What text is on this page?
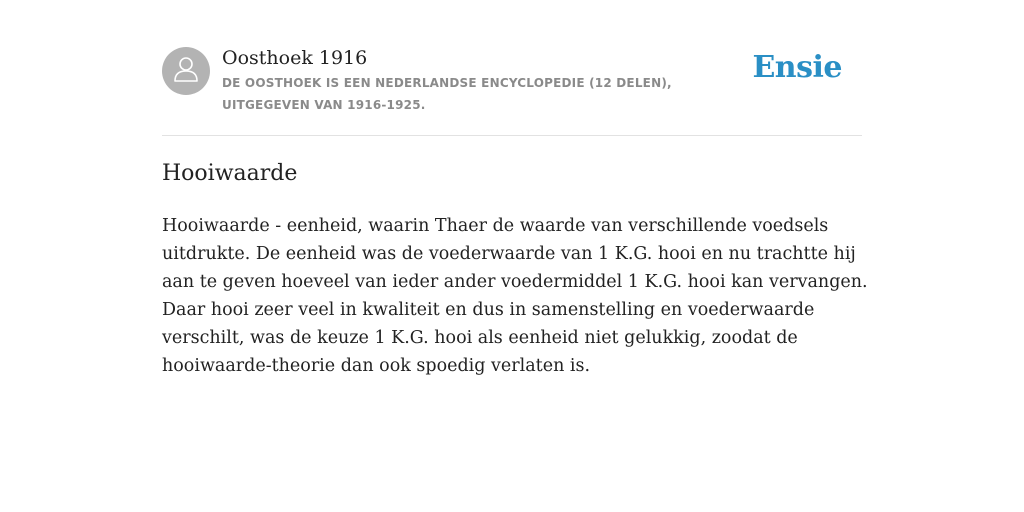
Oosthoek 1916
DE OOSTHOEK IS EEN NEDERLANDSE ENCYCLOPEDIE (12 DELEN), UITGEGEVEN VAN 1916-1925.
Ensie
Hooiwaarde

Hooiwaarde - eenheid, waarin Thaer de waarde van verschillende voedsels uitdrukte. De eenheid was de voederwaarde van 1 K.G. hooi en nu trachtte hij aan te geven hoeveel van ieder ander voedermiddel 1 K.G. hooi kan vervangen. Daar hooi zeer veel in kwaliteit en dus in samenstelling en voederwaarde verschilt, was de keuze 1 K.G. hooi als eenheid niet gelukkig, zoodat de hooiwaarde-theorie dan ook spoedig verlaten is.
